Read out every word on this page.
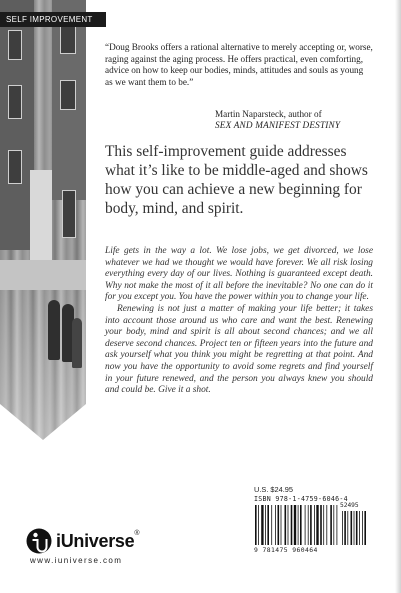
SELF IMPROVEMENT
“Doug Brooks offers a rational alternative to merely accepting or, worse, raging against the aging process. He offers practical, even comforting, advice on how to keep our bodies, minds, attitudes and souls as young as we want them to be.”
Martin Naparsteck, author of
SEX AND MANIFEST DESTINY
This self-improvement guide addresses what it’s like to be middle-aged and shows how you can achieve a new beginning for body, mind, and spirit.

Life gets in the way a lot. We lose jobs, we get divorced, we lose whatever we had we thought we would have forever. We all risk losing everything every day of our lives. Nothing is guaranteed except death. Why not make the most of it all before the inevitable? No one can do it for you except you. You have the power within you to change your life.

Renewing is not just a matter of making your life better; it takes into account those around us who care and want the best. Renewing your body, mind and spirit is all about second chances; and we all deserve second chances. Project ten or fifteen years into the future and ask yourself what you think you might be regretting at that point. And now you have the opportunity to avoid some regrets and find yourself in your future renewed, and the person you always knew you should and could be. Give it a shot.

U.S. $24.95
ISBN 978-1-4759-6046-4
52495
9 781475 960464
iUniverse ®
www.iuniverse.com
